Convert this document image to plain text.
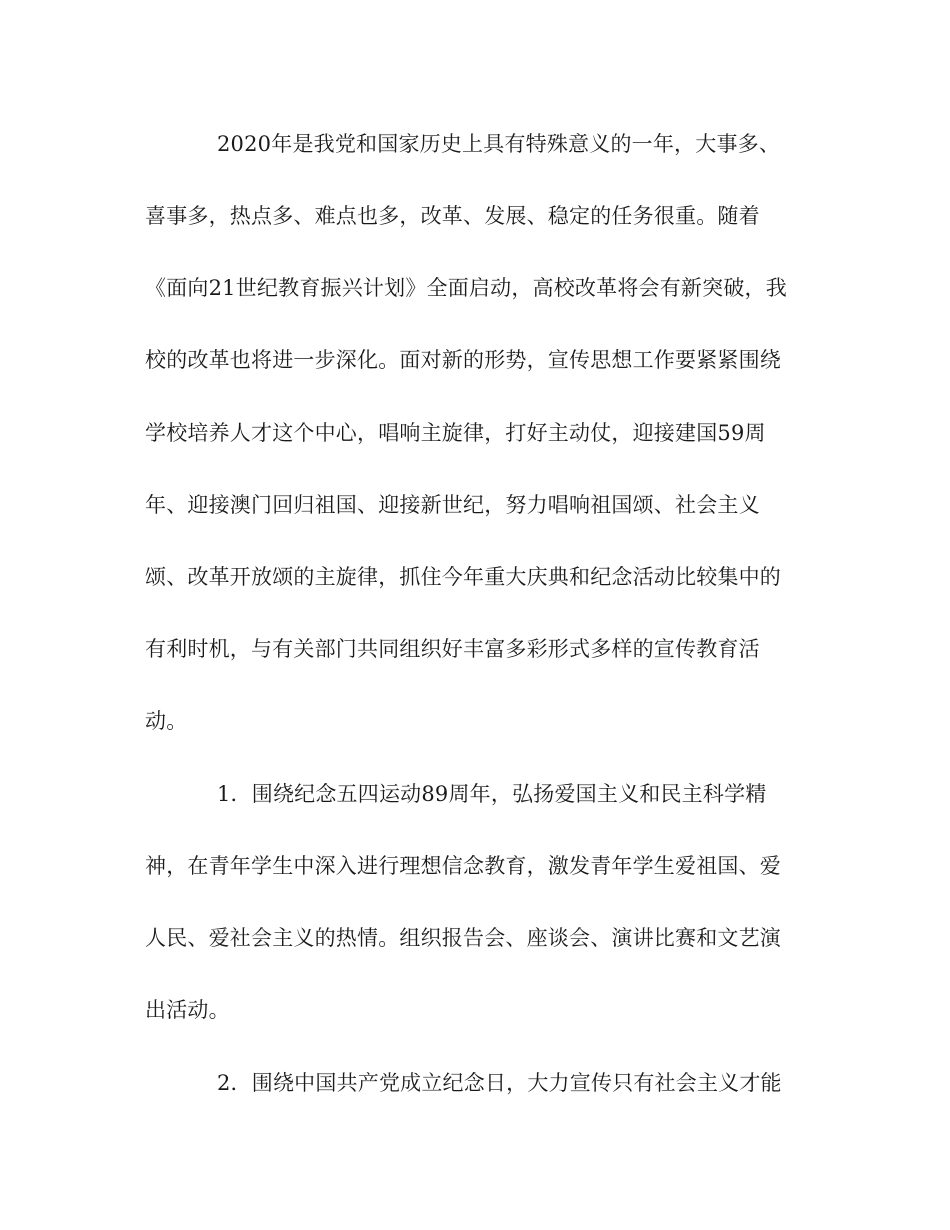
2020年是我党和国家历史上具有特殊意义的一年，大事多、
喜事多，热点多、难点也多，改革、发展、稳定的任务很重。随着
《面向21世纪教育振兴计划》全面启动，高校改革将会有新突破，我
校的改革也将进一步深化。面对新的形势，宣传思想工作要紧紧围绕
学校培养人才这个中心，唱响主旋律，打好主动仗，迎接建国59周
年、迎接澳门回归祖国、迎接新世纪，努力唱响祖国颂、社会主义
颂、改革开放颂的主旋律，抓住今年重大庆典和纪念活动比较集中的
有利时机，与有关部门共同组织好丰富多彩形式多样的宣传教育活
动。
1．围绕纪念五四运动89周年，弘扬爱国主义和民主科学精
神，在青年学生中深入进行理想信念教育，激发青年学生爱祖国、爱
人民、爱社会主义的热情。组织报告会、座谈会、演讲比赛和文艺演
出活动。
2．围绕中国共产党成立纪念日，大力宣传只有社会主义才能
